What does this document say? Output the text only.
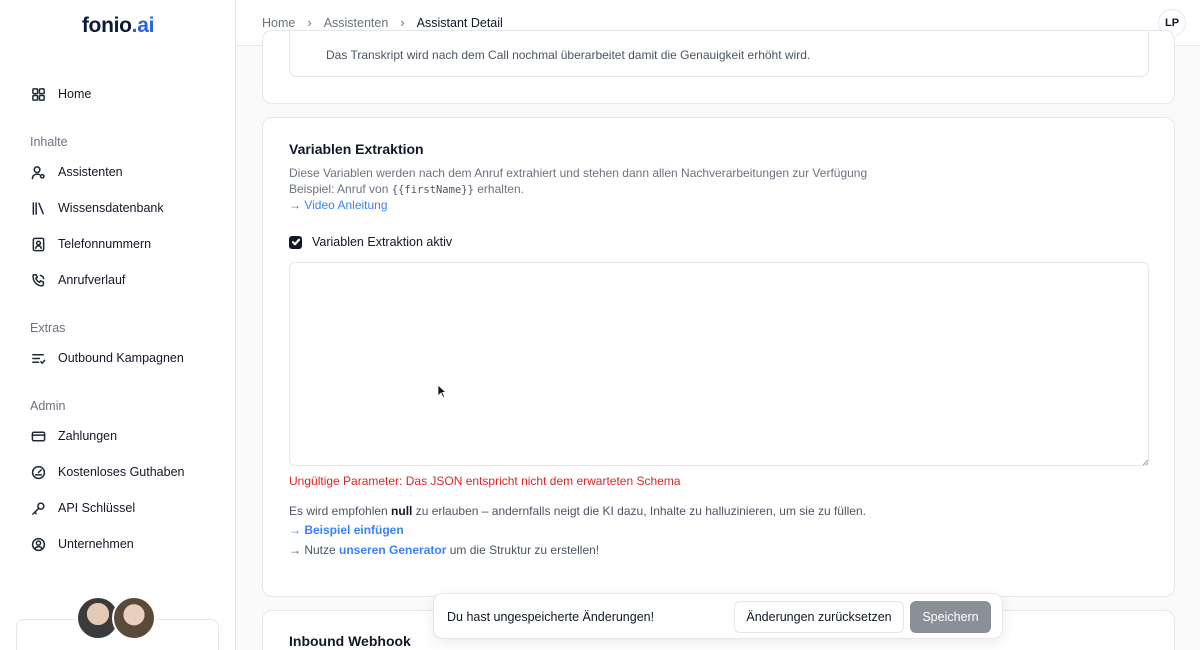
fonio.ai
Home
Inhalte
Assistenten
Wissensdatenbank
Telefonnummern
Anrufverlauf
Extras
Outbound Kampagnen
Admin
Zahlungen
Kostenloses Guthaben
API Schlüssel
Unternehmen
Home › Assistenten › Assistant Detail	LP
Das Transkript wird nach dem Call nochmal überarbeitet damit die Genauigkeit erhöht wird.
Variablen Extraktion

Diese Variablen werden nach dem Anruf extrahiert und stehen dann allen Nachverarbeitungen zur Verfügung

Beispiel: Anruf von {{firstName}} erhalten.

→ Video Anleitung

Variablen Extraktion aktiv

Ungültige Parameter: Das JSON entspricht nicht dem erwarteten Schema

Es wird empfohlen null zu erlauben – andernfalls neigt die KI dazu, Inhalte zu halluzinieren, um sie zu füllen.

→ Beispiel einfügen

→ Nutze unseren Generator um die Struktur zu erstellen!

Inbound Webhook
Du hast ungespeicherte Änderungen!	Änderungen zurücksetzen	Speichern
